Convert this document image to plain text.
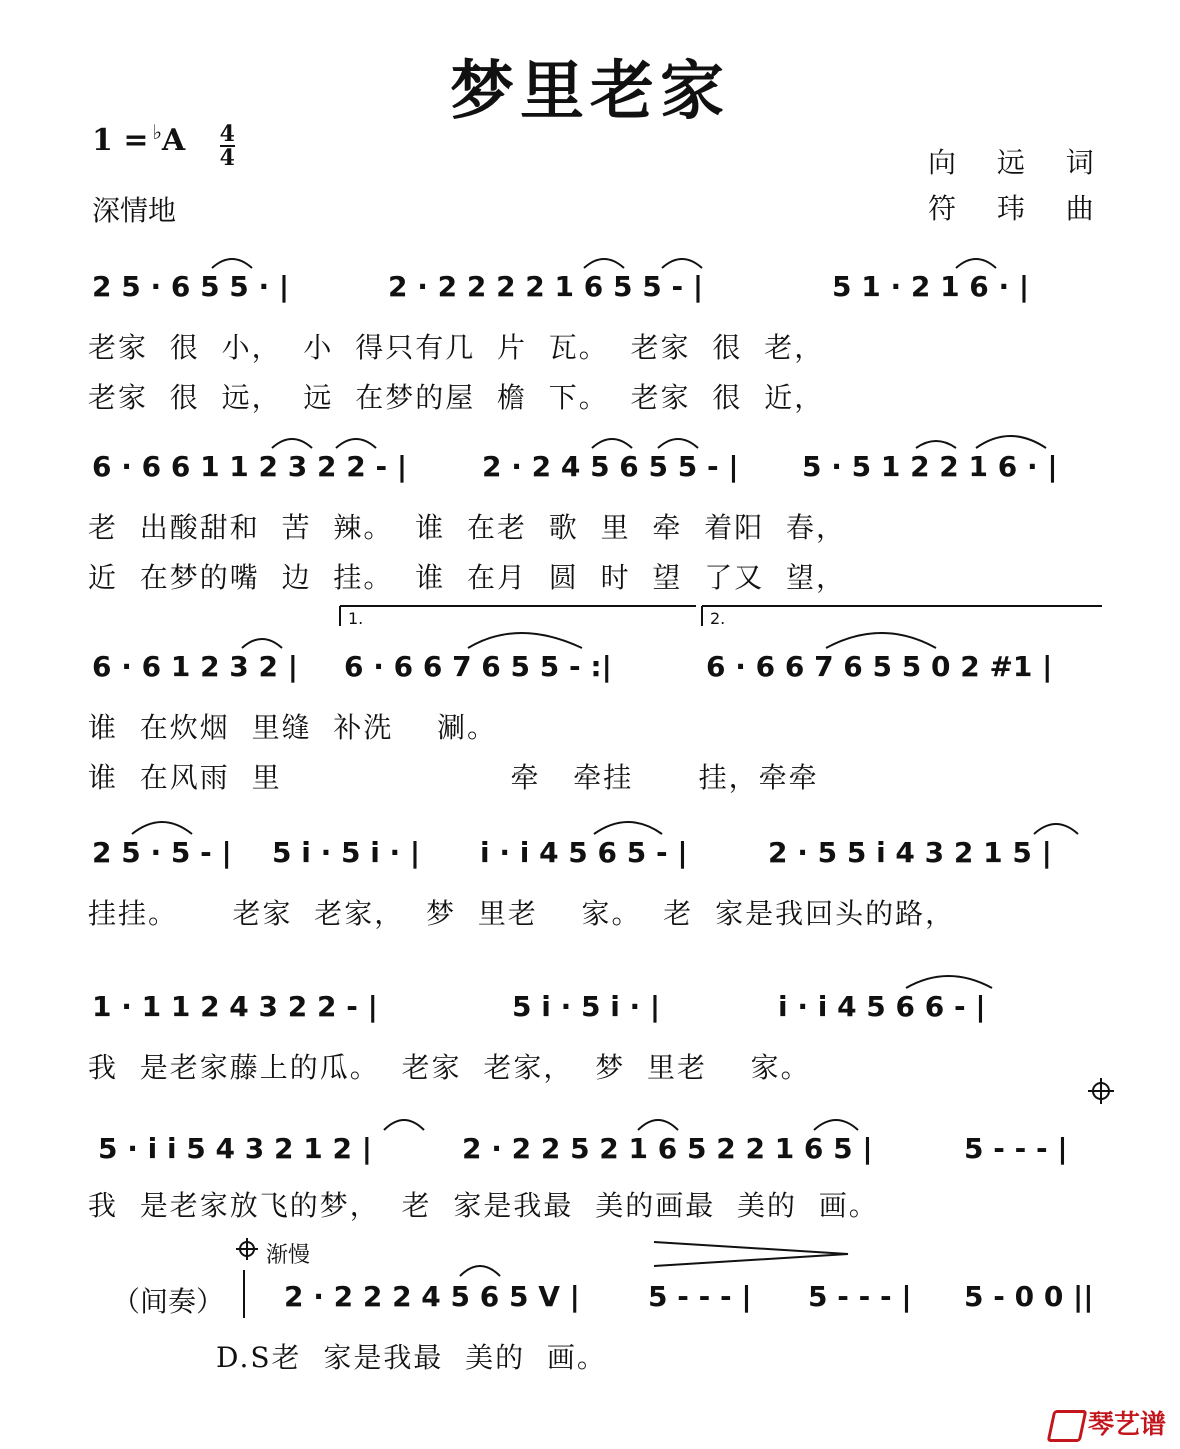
梦里老家
$1 = ^♭A \frac{4}{4}$
深情地
向 远 词
符 玮 曲
2 5 · 6 5 5 · |	2 · 2 2 2 2 1 6 5 5 - |	5 1 · 2 1 6 · |
老家  很  小，  小  得只有几  片  瓦。  老家  很  老，
老家  很  远，  远  在梦的屋  檐  下。  老家  很  近，
6 · 6 6 1 1 2 3 2 2 - |	2 · 2 4 5 6 5 5 - | 5 · 5 1 2 2 1 6 · |
老  出酸甜和  苦  辣。  谁  在老  歌  里  牵  着阳  春，
近  在梦的嘴  边  挂。  谁  在月  圆  时  望  了又  望，
1.	2.
6 · 6 1 2 3 2 | 6 · 6 6 7 6 5 5 - :|	6 · 6 6 7 6 5 5 0 2 #1 |
谁  在炊烟  里缝  补洗    涮。
谁  在风雨  里                     牵   牵挂      挂，牵牵
2 5 · 5 - | 5 i · 5 i · | i · i 4 5 6 5 - |	2 · 5 5 i 4 3 2 1 5 |
挂挂。     老家  老家，  梦  里老    家。  老  家是我回头的路，
1 · 1 1 2 4 3 2 2 - |	5 i · 5 i · |	i · i 4 5 6 6 - |
我  是老家藤上的瓜。  老家  老家，  梦  里老    家。
5 · i i 5 4 3 2 1 2 |	2 · 2 2 5 2 1 6 5 2 2 1 6 5 |	5 - - - |
我  是老家放飞的梦，  老  家是我最  美的画最  美的  画。
渐慢
（间奏） 2 · 2 2 2 4 5 6 5 V | 5 - - - | 5 - - - | 5 - 0 0 ||
D.S老  家是我最  美的  画。
琴艺谱
